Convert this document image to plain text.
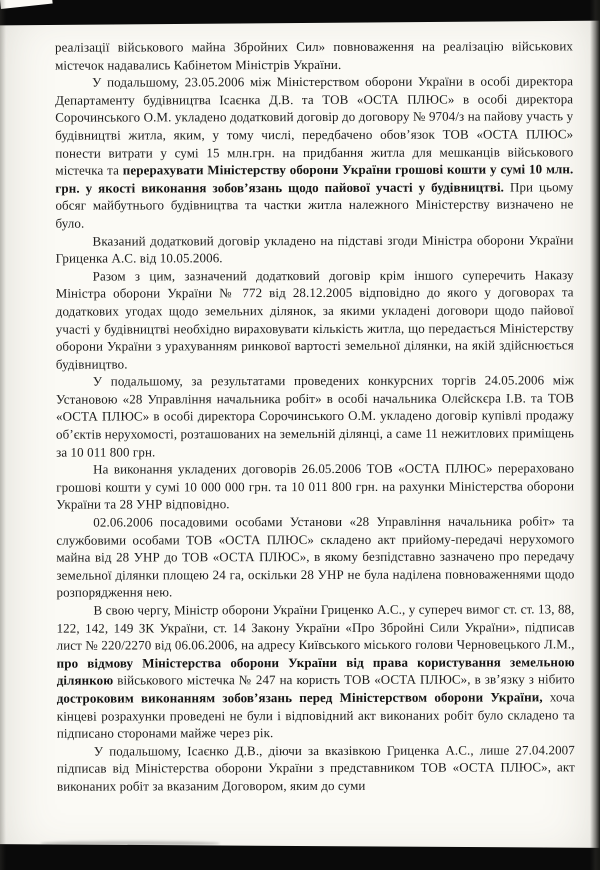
реалізації військового майна Збройних Сил» повноваження на реалізацію військових містечок надавались Кабінетом Міністрів України.

У подальшому, 23.05.2006 між Міністерством оборони України в особі директора Департаменту будівництва Ісаєнка Д.В. та ТОВ «ОСТА ПЛЮС» в особі директора Сорочинського О.М. укладено додатковий договір до договору № 9704/з на пайову участь у будівництві житла, яким, у тому числі, передбачено обов’язок ТОВ «ОСТА ПЛЮС» понести витрати у сумі 15 млн.грн. на придбання житла для мешканців військового містечка та перерахувати Міністерству оборони України грошові кошти у сумі 10 млн. грн. у якості виконання зобов’язань щодо пайової участі у будівництві. При цьому обсяг майбутнього будівництва та частки житла належного Міністерству визначено не було.

Вказаний додатковий договір укладено на підставі згоди Міністра оборони України Гриценка А.С. від 10.05.2006.

Разом з цим, зазначений додатковий договір крім іншого суперечить Наказу Міністра оборони України № 772 від 28.12.2005 відповідно до якого у договорах та додаткових угодах щодо земельних ділянок, за якими укладені договори щодо пайової участі у будівництві необхідно вираховувати кількість житла, що передається Міністерству оборони України з урахуванням ринкової вартості земельної ділянки, на якій здійснюється будівництво.

У подальшому, за результатами проведених конкурсних торгів 24.05.2006 між Установою «28 Управління начальника робіт» в особі начальника Олєйскєра І.В. та ТОВ «ОСТА ПЛЮС» в особі директора Сорочинського О.М. укладено договір купівлі продажу об’єктів нерухомості, розташованих на земельній ділянці, а саме 11 нежитлових приміщень за 10 011 800 грн.

На виконання укладених договорів 26.05.2006 ТОВ «ОСТА ПЛЮС» перераховано грошові кошти у сумі 10 000 000 грн. та 10 011 800 грн. на рахунки Міністерства оборони України та 28 УНР відповідно.

02.06.2006 посадовими особами Установи «28 Управління начальника робіт» та службовими особами ТОВ «ОСТА ПЛЮС» складено акт прийому-передачі нерухомого майна від 28 УНР до ТОВ «ОСТА ПЛЮС», в якому безпідставно зазначено про передачу земельної ділянки площею 24 га, оскільки 28 УНР не була наділена повноваженнями щодо розпорядження нею.

В свою чергу, Міністр оборони України Гриценко А.С., у супереч вимог ст. ст. 13, 88, 122, 142, 149 ЗК України, ст. 14 Закону України «Про Збройні Сили України», підписав лист № 220/2270 від 06.06.2006, на адресу Київського міського голови Черновецького Л.М., про відмову Міністерства оборони України від права користування земельною ділянкою військового містечка № 247 на користь ТОВ «ОСТА ПЛЮС», в зв’язку з нібито достроковим виконанням зобов’язань перед Міністерством оборони України, хоча кінцеві розрахунки проведені не були і відповідний акт виконаних робіт було складено та підписано сторонами майже через рік.

У подальшому, Ісаєнко Д.В., діючи за вказівкою Гриценка А.С., лише 27.04.2007 підписав від Міністерства оборони України з представником ТОВ «ОСТА ПЛЮС», акт виконаних робіт за вказаним Договором, яким до суми
